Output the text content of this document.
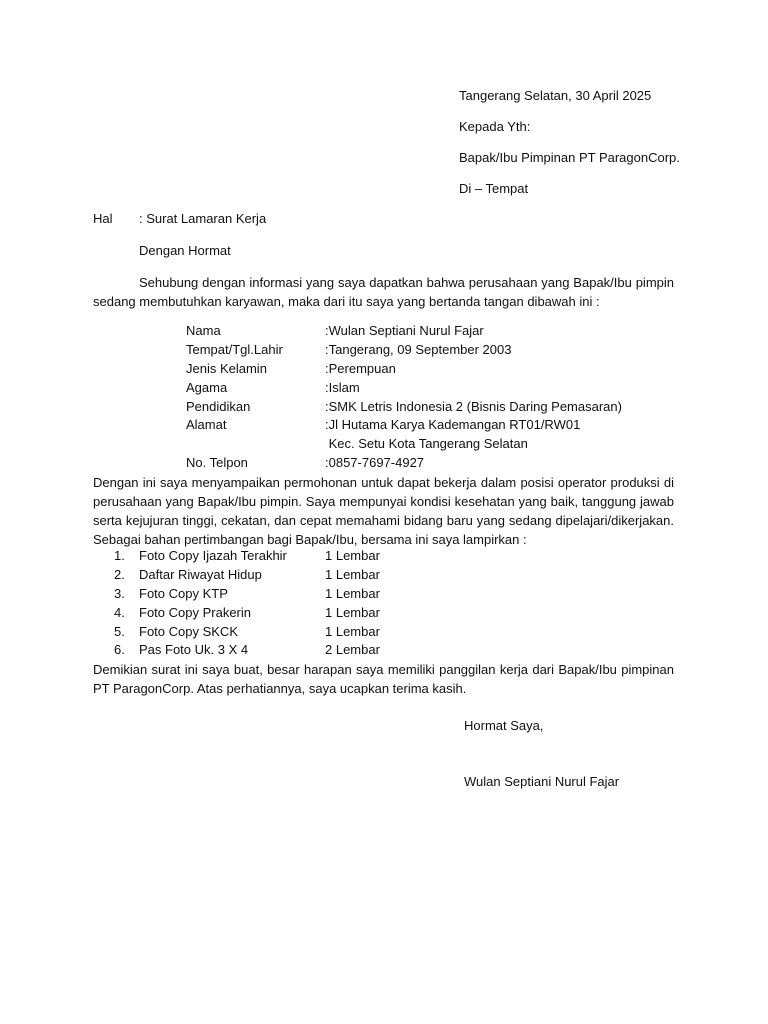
Tangerang Selatan, 30 April 2025
Kepada Yth:
Bapak/Ibu Pimpinan PT ParagonCorp.
Di – Tempat
Hal : Surat Lamaran Kerja
Dengan Hormat
Sehubung dengan informasi yang saya dapatkan bahwa perusahaan yang Bapak/Ibu pimpin sedang membutuhkan karyawan, maka dari itu saya yang bertanda tangan dibawah ini :
Nama	:Wulan Septiani Nurul Fajar
Tempat/Tgl.Lahir	:Tangerang, 09 September 2003
Jenis Kelamin	:Perempuan
Agama	:Islam
Pendidikan	:SMK Letris Indonesia 2 (Bisnis Daring Pemasaran)
Alamat	:Jl Hutama Karya Kademangan RT01/RW01
Kec. Setu Kota Tangerang Selatan
No. Telpon	:0857-7697-4927
Dengan ini saya menyampaikan permohonan untuk dapat bekerja dalam posisi operator produksi di perusahaan yang Bapak/Ibu pimpin. Saya mempunyai kondisi kesehatan yang baik, tanggung jawab serta kejujuran tinggi, cekatan, dan cepat memahami bidang baru yang sedang dipelajari/dikerjakan. Sebagai bahan pertimbangan bagi Bapak/Ibu, bersama ini saya lampirkan :
1. Foto Copy Ijazah Terakhir	1 Lembar
2. Daftar Riwayat Hidup	1 Lembar
3. Foto Copy KTP	1 Lembar
4. Foto Copy Prakerin	1 Lembar
5. Foto Copy SKCK	1 Lembar
6. Pas Foto Uk. 3 X 4	2 Lembar
Demikian surat ini saya buat, besar harapan saya memiliki panggilan kerja dari Bapak/Ibu pimpinan PT ParagonCorp. Atas perhatiannya, saya ucapkan terima kasih.
Hormat Saya,
Wulan Septiani Nurul Fajar
